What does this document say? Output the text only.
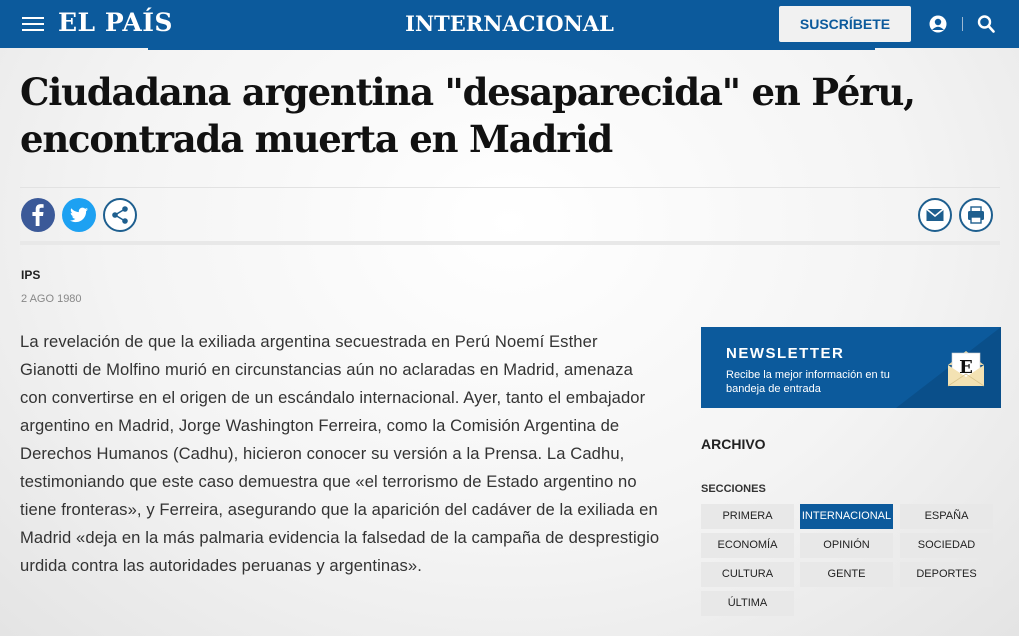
EL PAÍS	INTERNACIONAL	SUSCRÍBETE
Ciudadana argentina "desaparecida" en Péru, encontrada muerta en Madrid
IPS
2 AGO 1980

La revelación de que la exiliada argentina secuestrada en Perú Noemí Esther Gianotti de Molfino murió en circunstancias aún no aclaradas en Madrid, amenaza con convertirse en el origen de un escándalo internacional. Ayer, tanto el embajador argentino en Madrid, Jorge Washington Ferreira, como la Comisión Argentina de Derechos Humanos (Cadhu), hicieron conocer su versión a la Prensa. La Cadhu, testimoniando que este caso demuestra que «el terrorismo de Estado argentino no tiene fronteras», y Ferreira, asegurando que la aparición del cadáver de la exiliada en Madrid «deja en la más palmaria evidencia la falsedad de la campaña de desprestigio urdida contra las autoridades peruanas y argentinas».

NEWSLETTER
Recibe la mejor información en tu bandeja de entrada
E
ARCHIVO
SECCIONES
PRIMERA	INTERNACIONAL	ESPAÑA
ECONOMÍA	OPINIÓN	SOCIEDAD
CULTURA	GENTE	DEPORTES
ÚLTIMA
